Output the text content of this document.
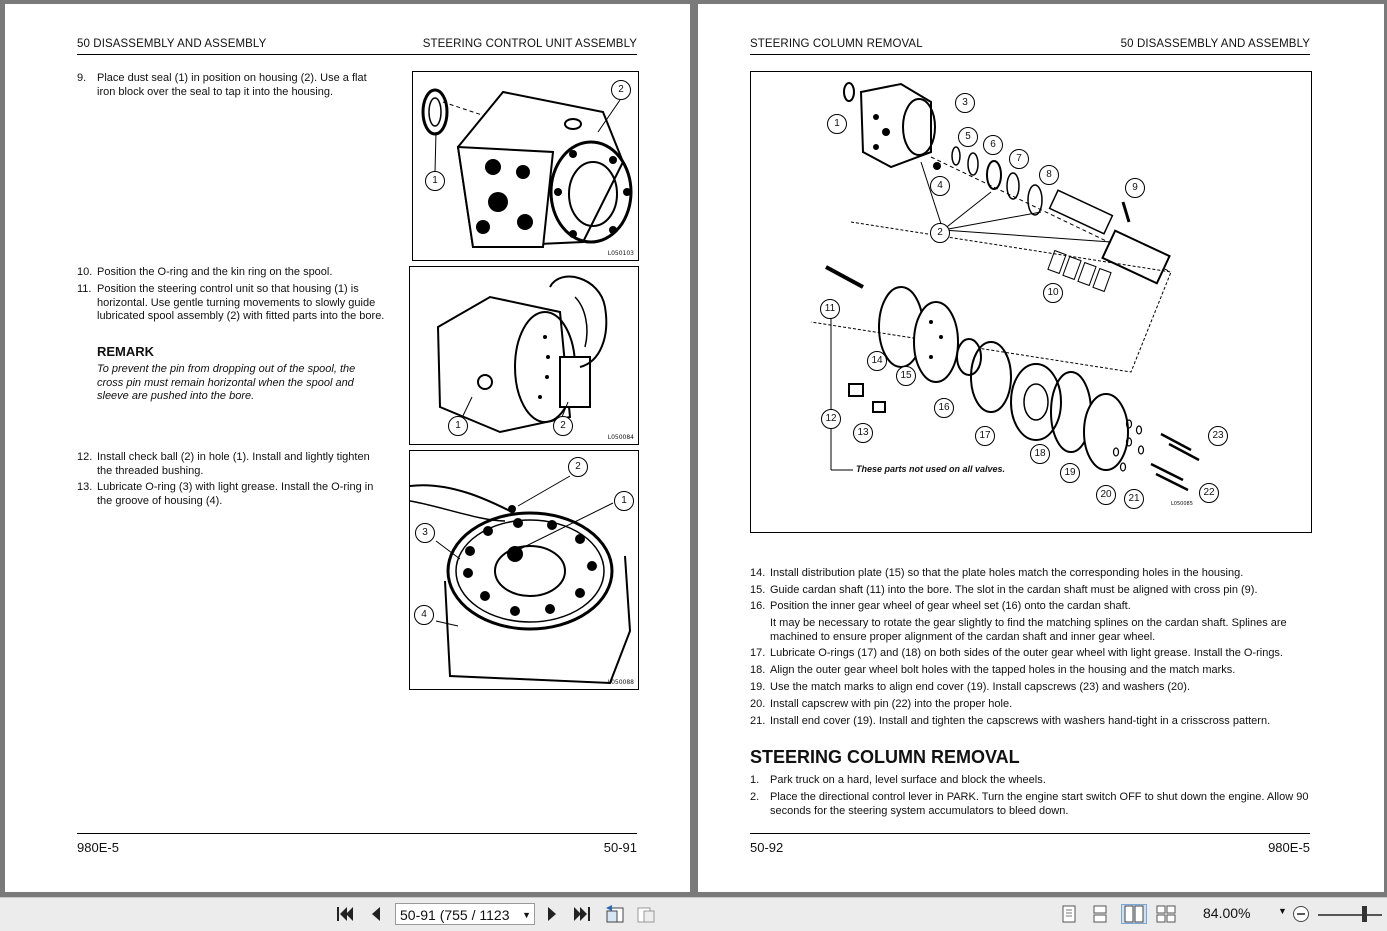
50 DISASSEMBLY AND ASSEMBLY	STEERING CONTROL UNIT ASSEMBLY
9. Place dust seal (1) in position on housing (2). Use a flat iron block over the seal to tap it into the housing.
1
2
L050103
10. Position the O-ring and the kin ring on the spool.
11. Position the steering control unit so that housing (1) is horizontal. Use gentle turning movements to slowly guide lubricated spool assembly (2) with fitted parts into the bore.
REMARK
To prevent the pin from dropping out of the spool, the cross pin must remain horizontal when the spool and sleeve are pushed into the bore.
1	2
L050084
12. Install check ball (2) in hole (1). Install and lightly tighten the threaded bushing.
13. Lubricate O-ring (3) with light grease. Install the O-ring in the groove of housing (4).
2
1
3
4
L050088
980E-5	50-91
STEERING COLUMN REMOVAL	50 DISASSEMBLY AND ASSEMBLY
1
2
3
4
5
6
7
8
9
10
11
12
13
14
15
16
17
18
19
20	21
22
23
These parts not used on all valves.
L050085
14. Install distribution plate (15) so that the plate holes match the corresponding holes in the housing.
15. Guide cardan shaft (11) into the bore. The slot in the cardan shaft must be aligned with cross pin (9).
16. Position the inner gear wheel of gear wheel set (16) onto the cardan shaft.
It may be necessary to rotate the gear slightly to find the matching splines on the cardan shaft. Splines are machined to ensure proper alignment of the cardan shaft and inner gear wheel.
17. Lubricate O-rings (17) and (18) on both sides of the outer gear wheel with light grease. Install the O-rings.
18. Align the outer gear wheel bolt holes with the tapped holes in the housing and the match marks.
19. Use the match marks to align end cover (19). Install capscrews (23) and washers (20).
20. Install capscrew with pin (22) into the proper hole.
21. Install end cover (19). Install and tighten the capscrews with washers hand-tight in a crisscross pattern.
STEERING COLUMN REMOVAL
1. Park truck on a hard, level surface and block the wheels.
2. Place the directional control lever in PARK. Turn the engine start switch OFF to shut down the engine. Allow 90 seconds for the steering system accumulators to bleed down.
50-92	980E-5
50-91 (755 / 1123 ▼	84.00%	▼
